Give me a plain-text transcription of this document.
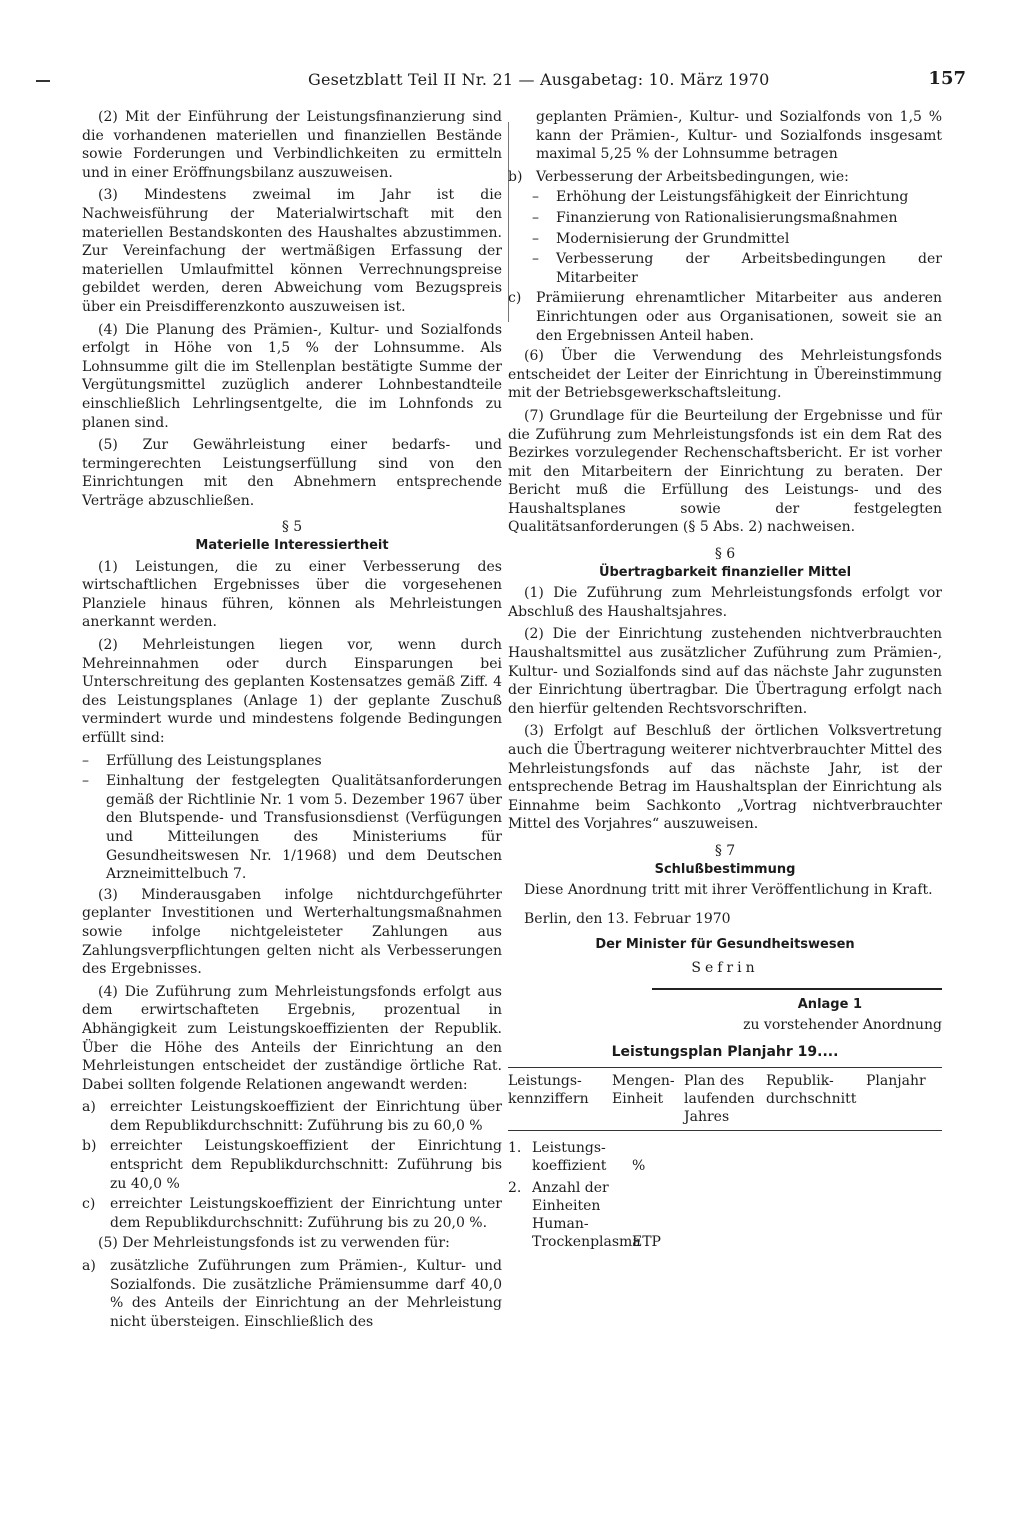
Gesetzblatt Teil II Nr. 21 — Ausgabetag: 10. März 1970	157

(2) Mit der Einführung der Leistungsfinanzierung sind die vorhandenen materiellen und finanziellen Bestände sowie Forderungen und Verbindlichkeiten zu ermitteln und in einer Eröffnungsbilanz auszuweisen.

(3) Mindestens zweimal im Jahr ist die Nachweisführung der Materialwirtschaft mit den materiellen Bestandskonten des Haushaltes abzustimmen. Zur Vereinfachung der wertmäßigen Erfassung der materiellen Umlaufmittel können Verrechnungspreise gebildet werden, deren Abweichung vom Bezugspreis über ein Preisdifferenzkonto auszuweisen ist.

(4) Die Planung des Prämien-, Kultur- und Sozialfonds erfolgt in Höhe von 1,5 % der Lohnsumme. Als Lohnsumme gilt die im Stellenplan bestätigte Summe der Vergütungsmittel zuzüglich anderer Lohnbestandteile einschließlich Lehrlingsentgelte, die im Lohnfonds zu planen sind.

(5) Zur Gewährleistung einer bedarfs- und termingerechten Leistungserfüllung sind von den Einrichtungen mit den Abnehmern entsprechende Verträge abzuschließen.

§ 5
Materielle Interessiertheit

(1) Leistungen, die zu einer Verbesserung des wirtschaftlichen Ergebnisses über die vorgesehenen Planziele hinaus führen, können als Mehrleistungen anerkannt werden.

(2) Mehrleistungen liegen vor, wenn durch Mehreinnahmen oder durch Einsparungen bei Unterschreitung des geplanten Kostensatzes gemäß Ziff. 4 des Leistungsplanes (Anlage 1) der geplante Zuschuß vermindert wurde und mindestens folgende Bedingungen erfüllt sind:

– Erfüllung des Leistungsplanes
– Einhaltung der festgelegten Qualitätsanforderungen gemäß der Richtlinie Nr. 1 vom 5. Dezember 1967 über den Blutspende- und Transfusionsdienst (Verfügungen und Mitteilungen des Ministeriums für Gesundheitswesen Nr. 1/1968) und dem Deutschen Arzneimittelbuch 7.

(3) Minderausgaben infolge nichtdurchgeführter geplanter Investitionen und Werterhaltungsmaßnahmen sowie infolge nichtgeleisteter Zahlungen aus Zahlungsverpflichtungen gelten nicht als Verbesserungen des Ergebnisses.

(4) Die Zuführung zum Mehrleistungsfonds erfolgt aus dem erwirtschafteten Ergebnis, prozentual in Abhängigkeit zum Leistungskoeffizienten der Republik. Über die Höhe des Anteils der Einrichtung an den Mehrleistungen entscheidet der zuständige örtliche Rat. Dabei sollten folgende Relationen angewandt werden:

a) erreichter Leistungskoeffizient der Einrichtung über dem Republikdurchschnitt: Zuführung bis zu 60,0 %
b) erreichter Leistungskoeffizient der Einrichtung entspricht dem Republikdurchschnitt: Zuführung bis zu 40,0 %
c) erreichter Leistungskoeffizient der Einrichtung unter dem Republikdurchschnitt: Zuführung bis zu 20,0 %.

(5) Der Mehrleistungsfonds ist zu verwenden für:

a) zusätzliche Zuführungen zum Prämien-, Kultur- und Sozialfonds. Die zusätzliche Prämiensumme darf 40,0 % des Anteils der Einrichtung an der Mehrleistung nicht übersteigen. Einschließlich des

geplanten Prämien-, Kultur- und Sozialfonds von 1,5 % kann der Prämien-, Kultur- und Sozialfonds insgesamt maximal 5,25 % der Lohnsumme betragen

b) Verbesserung der Arbeitsbedingungen, wie:
– Erhöhung der Leistungsfähigkeit der Einrichtung
– Finanzierung von Rationalisierungsmaßnahmen
– Modernisierung der Grundmittel
– Verbesserung der Arbeitsbedingungen der Mitarbeiter
c) Prämiierung ehrenamtlicher Mitarbeiter aus anderen Einrichtungen oder aus Organisationen, soweit sie an den Ergebnissen Anteil haben.

(6) Über die Verwendung des Mehrleistungsfonds entscheidet der Leiter der Einrichtung in Übereinstimmung mit der Betriebsgewerkschaftsleitung.

(7) Grundlage für die Beurteilung der Ergebnisse und für die Zuführung zum Mehrleistungsfonds ist ein dem Rat des Bezirkes vorzulegender Rechenschaftsbericht. Er ist vorher mit den Mitarbeitern der Einrichtung zu beraten. Der Bericht muß die Erfüllung des Leistungs- und des Haushaltsplanes sowie der festgelegten Qualitätsanforderungen (§ 5 Abs. 2) nachweisen.

§ 6
Übertragbarkeit finanzieller Mittel

(1) Die Zuführung zum Mehrleistungsfonds erfolgt vor Abschluß des Haushaltsjahres.

(2) Die der Einrichtung zustehenden nichtverbrauchten Haushaltsmittel aus zusätzlicher Zuführung zum Prämien-, Kultur- und Sozialfonds sind auf das nächste Jahr zugunsten der Einrichtung übertragbar. Die Übertragung erfolgt nach den hierfür geltenden Rechtsvorschriften.

(3) Erfolgt auf Beschluß der örtlichen Volksvertretung auch die Übertragung weiterer nichtverbrauchter Mittel des Mehrleistungsfonds auf das nächste Jahr, ist der entsprechende Betrag im Haushaltsplan der Einrichtung als Einnahme beim Sachkonto „Vortrag nichtverbrauchter Mittel des Vorjahres“ auszuweisen.

§ 7
Schlußbestimmung

Diese Anordnung tritt mit ihrer Veröffentlichung in Kraft.

Berlin, den 13. Februar 1970

Der Minister für Gesundheitswesen
Sefrin
Anlage 1
zu vorstehender Anordnung
Leistungsplan Planjahr 19....
Leistungs-
kennziffern
Mengen-
Einheit
Plan des
laufenden
Jahres
Republik-
durchschnitt
Planjahr
1. Leistungs-
koeffizient	%
2. Anzahl der
Einheiten
Human-
Trockenplasma
ETP
